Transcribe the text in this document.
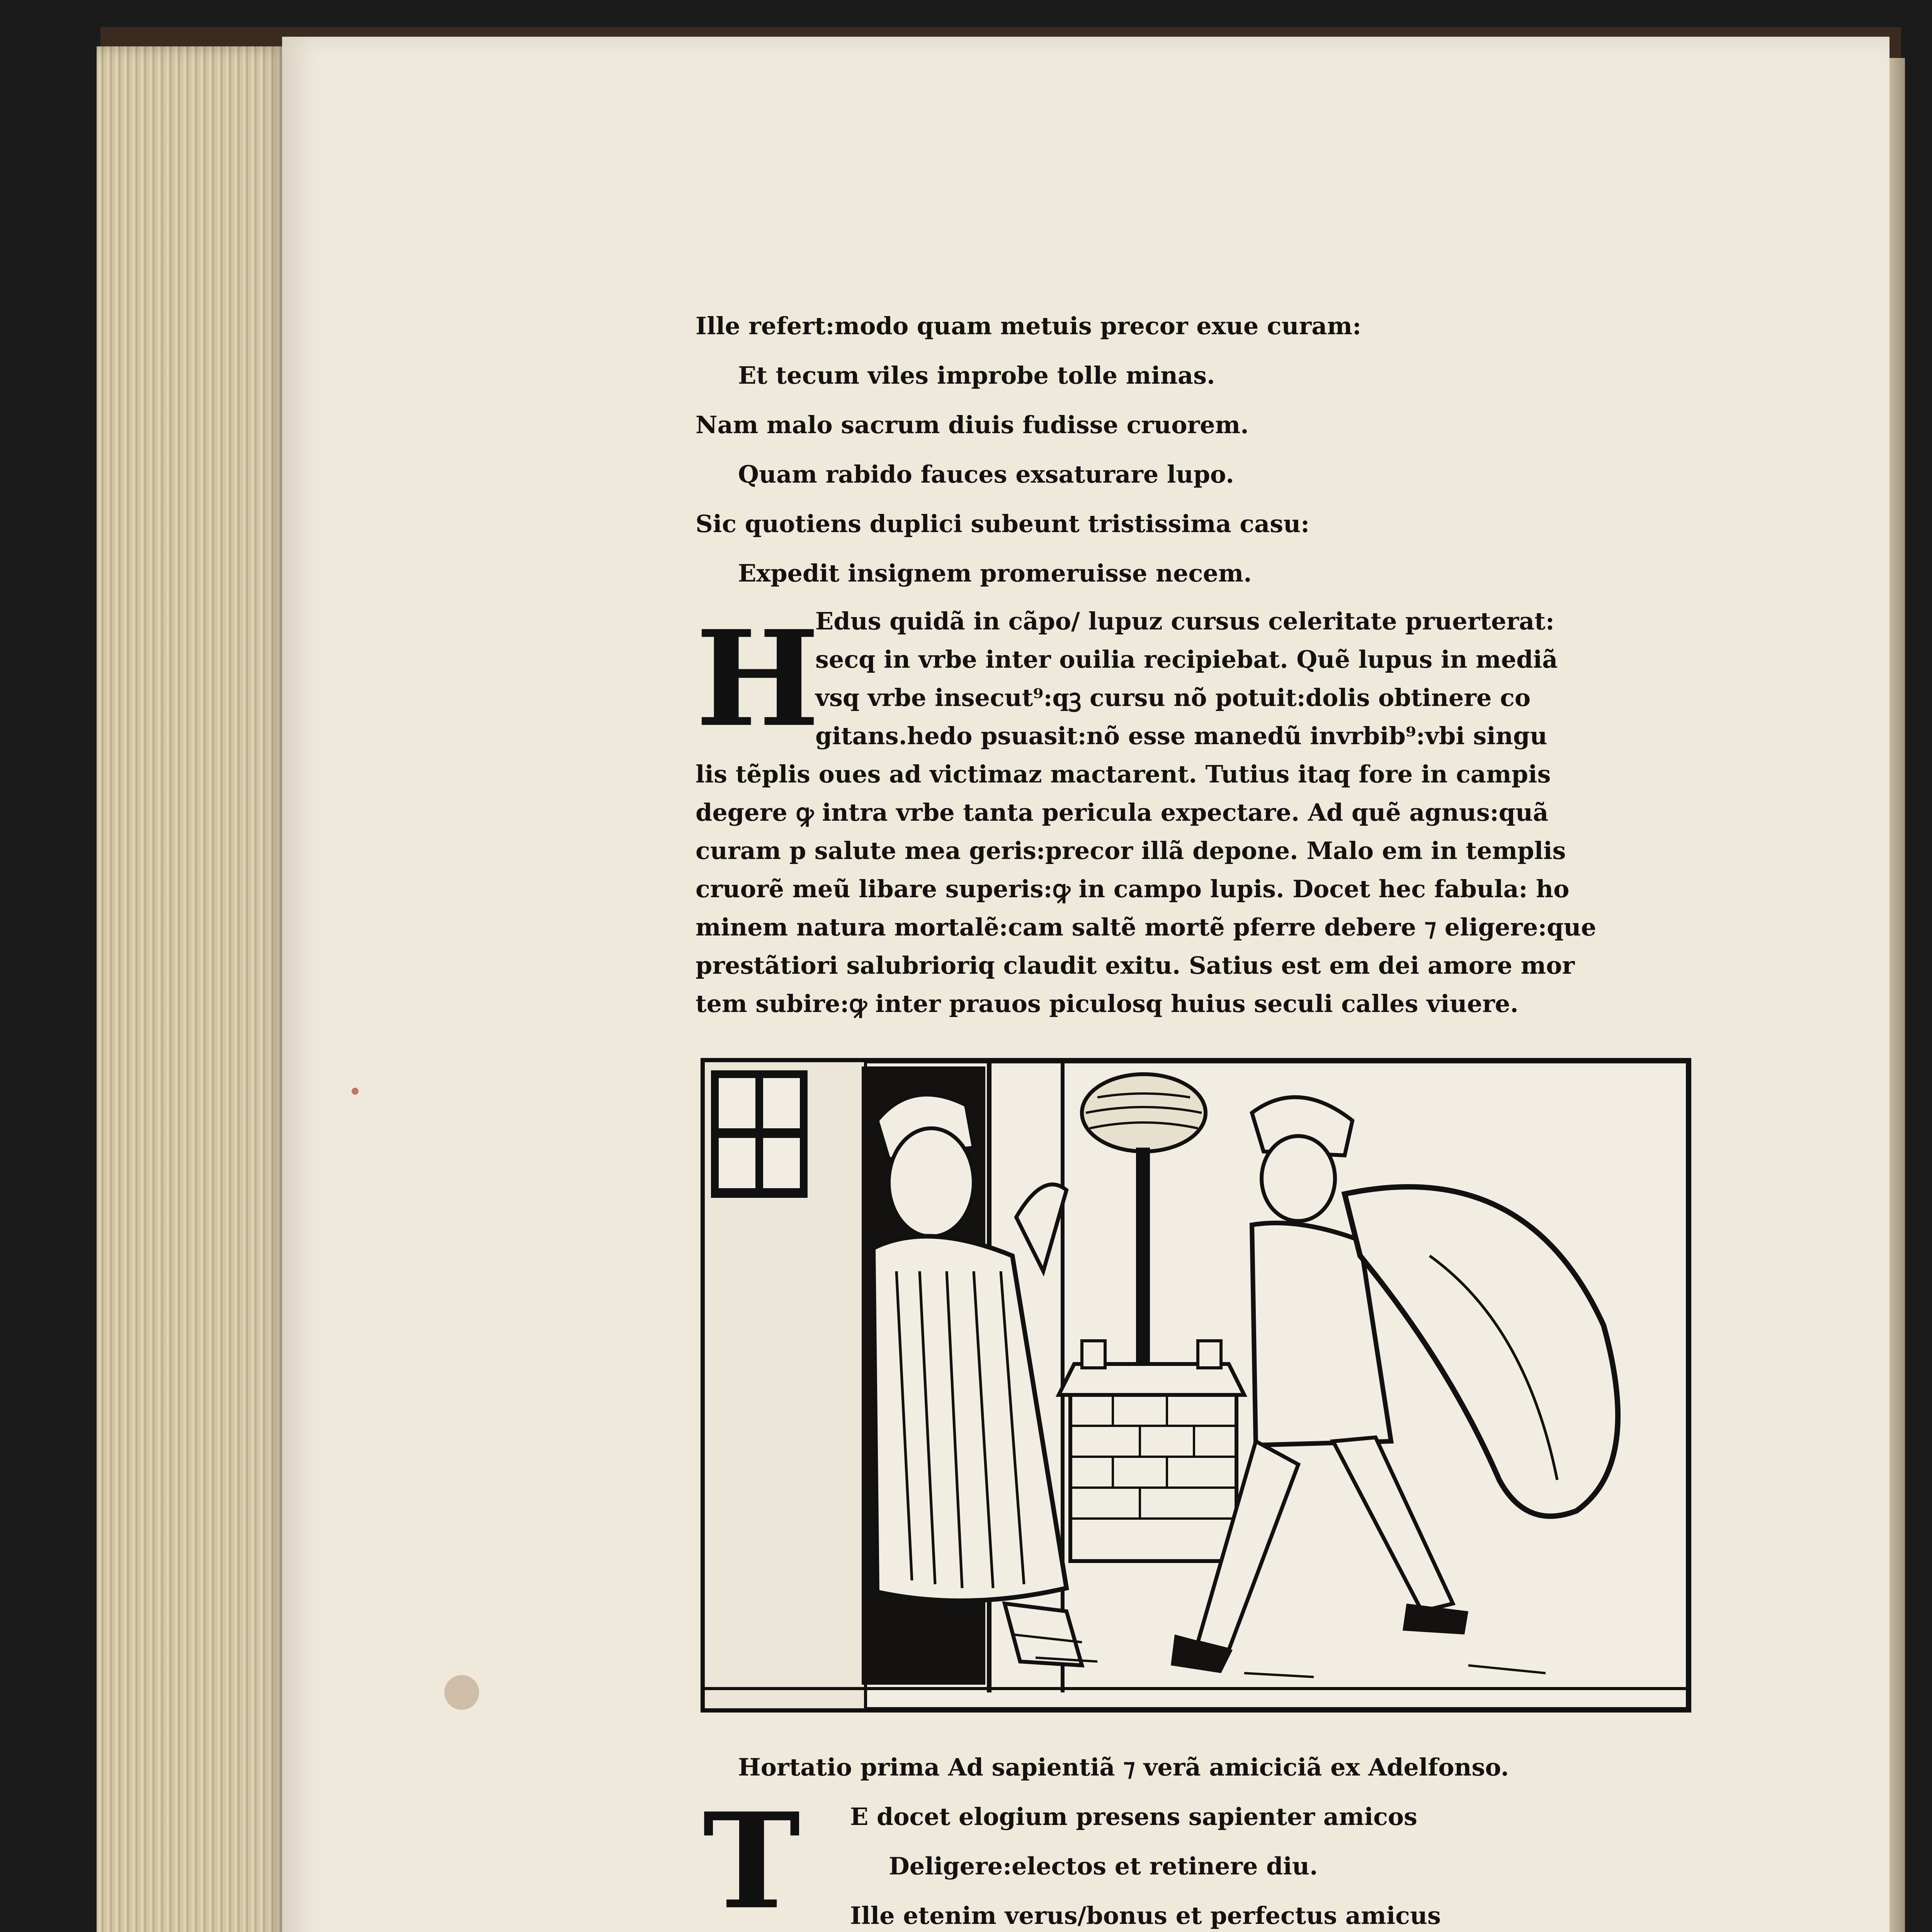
Ille refert:modo quam metuis precor exue curam:
Et tecum viles improbe tolle minas.
Nam malo sacrum diuis fudisse cruorem.
Quam rabido fauces exsaturare lupo.
Sic quotiens duplici subeunt tristissima casu:
Expedit insignem promeruisse necem.
H
Edus quidã in cãpo/ lupuz cursus celeritate pruerterat:
secq in vrbe inter ouilia recipiebat. Quẽ lupus in mediã
vsq vrbe insecut⁹:qꝫ cursu nõ potuit:dolis obtinere co
gitans.hedo psuasit:nõ esse manedũ invrbib⁹:vbi singu
lis tẽplis oues ad victimaz mactarent. Tutius itaq fore in campis
degere ꝙ intra vrbe tanta pericula expectare. Ad quẽ agnus:quã
curam p salute mea geris:precor illã depone. Malo em in templis
cruorẽ meũ libare superis:ꝙ in campo lupis. Docet hec fabula: ho
minem natura mortalẽ:cam saltẽ mortẽ pferre debere ⁊ eligere:que
prestãtiori salubrioriq claudit exitu. Satius est em dei amore mor
tem subire:ꝙ inter prauos piculosq huius seculi calles viuere.
Hortatio prima Ad sapientiã ⁊ verã amiciciã ex Adelfonso.
T	E docet elogium presens sapienter amicos
Deligere:electos et retinere diu.
Ille etenim verus/bonus et perfectus amicus
